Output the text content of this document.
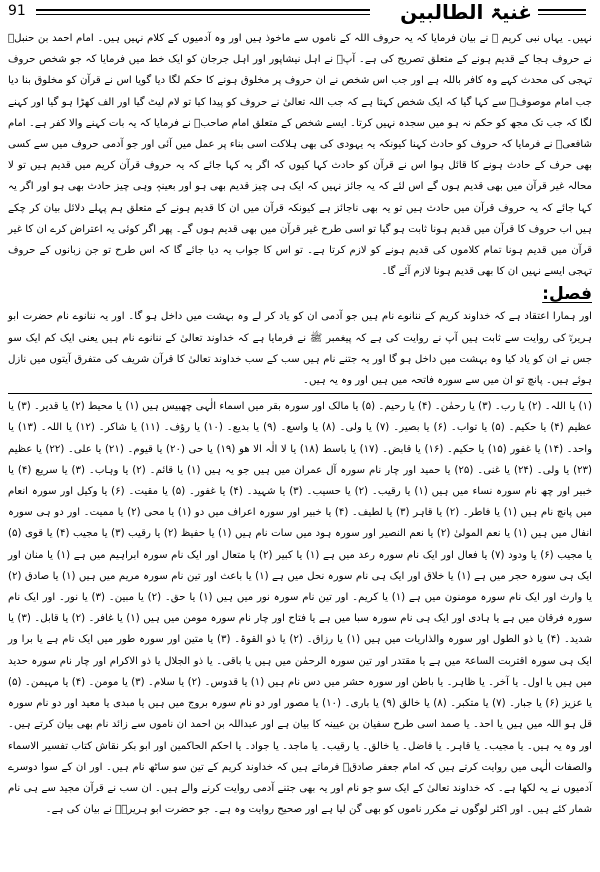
91	غنیۃ الطالبین

نہیں۔ یہاں نبی کریم ﷺ نے بیان فرمایا کہ یہ حروف اللہ کے ناموں سے ماخوذ ہیں اور وہ آدمیوں کے کلام نہیں ہیں۔ امام احمد بن حنبلؒ نے حروف ہجا کے قدیم ہونے کے متعلق تصریح کی ہے۔ آپؒ نے اہل نیشاپور اور اہل جرجان کو ایک خط میں فرمایا کہ جو شخص حروف تہجی کی محدث کہے وہ کافر باللہ ہے اور جب اس شخص نے ان حروف پر مخلوق ہونے کا حکم لگا دیا گویا اس نے قرآن کو مخلوق بنا دیا جب امام موصوفؒ سے کہا گیا کہ ایک شخص کہتا ہے کہ جب اللہ تعالیٰ نے حروف کو پیدا کیا تو لام لیٹ گیا اور الف کھڑا ہو گیا اور کہنے لگا کہ جب تک مجھ کو حکم نہ ہو میں سجدہ نہیں کرتا۔ ایسے شخص کے متعلق امام صاحبؒ نے فرمایا کہ یہ بات کہنے والا کفر ہے۔ امام شافعیؒ نے فرمایا کہ حروف کو حادث کہنا کیونکہ یہ یہودی کی بھی ہلاکت اسی بناء پر عمل میں آئی اور جو آدمی حروف میں سے کسی بھی حرف کے حادث ہونے کا قائل ہوا اس نے قرآن کو حادث کہا کیوں کہ اگر یہ کہا جائے کہ یہ حروف قرآن کریم میں قدیم ہیں تو لا محالہ غیر قرآن میں بھی قدیم ہوں گے اس لئے کہ یہ جائز نہیں کہ ایک ہی چیز قدیم بھی ہو اور بعینہٖ وہی چیز حادث بھی ہو اور اگر یہ کہا جائے کہ یہ حروف قرآن میں حادث ہیں تو یہ بھی ناجائز ہے کیونکہ قرآن میں ان کا قدیم ہونے کے متعلق ہم پہلے دلائل بیان کر چکے ہیں اب حروف کا قرآن میں قدیم ہونا ثابت ہو گیا تو اسی طرح غیر قرآن میں بھی قدیم ہوں گے۔ پھر اگر کوئی یہ اعتراض کرے ان کا غیر قرآن میں قدیم ہونا تمام کلاموں کی قدیم ہونے کو لازم کرتا ہے۔ تو اس کا جواب یہ دیا جائے گا کہ اس طرح تو جن زبانوں کے حروف تہجی ایسے نہیں ان کا بھی قدیم ہونا لازم آئے گا۔

فصل:

اور ہمارا اعتقاد ہے کہ خداوند کریم کے ننانوے نام ہیں جو آدمی ان کو یاد کر لے وہ بہشت میں داخل ہو گا۔ اور یہ ننانوے نام حضرت ابو ہریرہؓ کی روایت سے ثابت ہیں آپ نے روایت کی ہے کہ پیغمبر ﷺ نے فرمایا ہے کہ خداوند تعالیٰ کے ننانوے نام ہیں یعنی ایک کم ایک سو جس نے ان کو یاد کیا وہ بہشت میں داخل ہو گا اور یہ جتنے نام ہیں سب کے سب خداوند تعالیٰ کا قرآن شریف کی متفرق آیتوں میں نازل ہوئے ہیں۔ پانچ تو ان میں سے سورہ فاتحہ میں ہیں اور وہ یہ ہیں۔

(۱) یا اللہ۔ (۲) یا رب۔ (۳) یا رحمٰن۔ (۴) یا رحیم۔ (۵) یا مالک اور سورہ بقر میں اسماء الٰہی چھبیس ہیں (۱) یا محیط (۲) یا قدیر۔ (۳) یا عظیم (۴) یا حکیم۔ (۵) یا تواب۔ (۶) یا بصیر۔ (۷) یا ولی۔ (۸) یا واسع۔ (۹) یا بدیع۔ (۱۰) یا رؤف۔ (۱۱) یا شاکر۔ (۱۲) یا اللہ۔ (۱۳) یا واحد۔ (۱۴) یا غفور (۱۵) یا حکیم۔ (۱۶) یا قابض۔ (۱۷) یا باسط (۱۸) یا لا الٰہ الا ھو (۱۹) یا حی (۲۰) یا قیوم۔ (۲۱) یا علی۔ (۲۲) یا عظیم (۲۳) یا ولی۔ (۲۴) یا غنی۔ (۲۵) یا حمید اور چار نام سورہ آل عمران میں ہیں جو یہ ہیں (۱) یا قائم۔ (۲) یا وہاب۔ (۳) یا سریع (۴) یا خبیر اور چھ نام سورہ نساء میں ہیں (۱) یا رقیب۔ (۲) یا حسیب۔ (۳) یا شہید۔ (۴) یا غفور۔ (۵) یا مقیت۔ (۶) یا وکیل اور سورہ انعام میں پانچ نام ہیں (۱) یا فاطر۔ (۲) یا قاہر (۳) یا لطیف۔ (۴) یا خبیر اور سورہ اعراف میں دو (۱) یا محی (۲) یا ممیت۔ اور دو ہی سورہ انفال میں ہیں (۱) یا نعم المولیٰ (۲) یا نعم النصیر اور سورہ ہود میں سات نام ہیں (۱) یا حفیظ (۲) یا رقیب (۳) یا مجیب (۴) یا قوی (۵) یا مجیب (۶) یا ودود (۷) یا فعال اور ایک نام سورہ رعد میں ہے (۱) یا کبیر (۲) یا متعال اور ایک نام سورہ ابراہیم میں ہے (۱) یا منان اور ایک ہی سورہ حجر میں ہے (۱) یا خلاق اور ایک ہی نام سورہ نحل میں ہے (۱) یا باعث اور تین نام سورہ مریم میں ہیں (۱) یا صادق (۲) یا وارث اور ایک نام سورہ مومنون میں ہے (۱) یا کریم۔ اور تین نام سورہ نور میں ہیں (۱) یا حق۔ (۲) یا مبین۔ (۳) یا نور۔ اور ایک نام سورہ فرقان میں ہے یا ہادی اور ایک ہی نام سورہ سبا میں ہے یا فتاح اور چار نام سورہ مومن میں ہیں (۱) یا غافر۔ (۲) یا قابل۔ (۳) یا شدید۔ (۴) یا ذو الطول اور سورہ والذاریات میں ہیں (۱) یا رزاق۔ (۲) یا ذو القوۃ۔ (۳) یا متین اور سورہ طور میں ایک نام ہے یا برا ور ایک ہی سورہ اقتربت الساعۃ میں ہے یا مقتدر اور تین سورہ الرحمٰن میں ہیں یا باقی۔ یا ذو الجلال یا ذو الاکرام اور چار نام سورہ حدید میں ہیں یا اول۔ یا آخر۔ یا ظاہر۔ یا باطن اور سورہ حشر میں دس نام ہیں (۱) یا قدوس۔ (۲) یا سلام۔ (۳) یا مومن۔ (۴) یا مہیمن۔ (۵) یا عزیز (۶) یا جبار۔ (۷) یا متکبر۔ (۸) یا خالق (۹) یا باری۔ (۱۰) یا مصور اور دو نام سورہ بروج میں ہیں یا مبدی یا معید اور دو نام سورہ قل ہو اللہ میں ہیں یا احد۔ یا صمد اسی طرح سفیان بن عیینہ کا بیان ہے اور عبداللہ بن احمد ان ناموں سے زائد نام بھی بیان کرتے ہیں۔ اور وہ یہ ہیں۔ یا مجیب۔ یا قاہر۔ یا فاضل۔ یا خالق۔ یا رقیب۔ یا ماجد۔ یا جواد۔ یا احکم الحاکمین اور ابو بکر نقاش کتاب تفسیر الاسماء والصفات الٰہی میں روایت کرتے ہیں کہ امام جعفر صادقؒ فرماتے ہیں کہ خداوند کریم کے تین سو ساٹھ نام ہیں۔ اور ان کے سوا دوسرے آدمیوں نے یہ لکھا ہے۔ کہ خداوند تعالیٰ کے ایک سو جو نام اور یہ بھی جتنے آدمی روایت کرنے والے ہیں۔ ان سب نے قرآن مجید سے ہی نام شمار کئے ہیں۔ اور اکثر لوگوں نے مکرر ناموں کو بھی گن لیا ہے اور صحیح روایت وہ ہے۔ جو حضرت ابو ہریرہؓ نے بیان کی ہے۔
